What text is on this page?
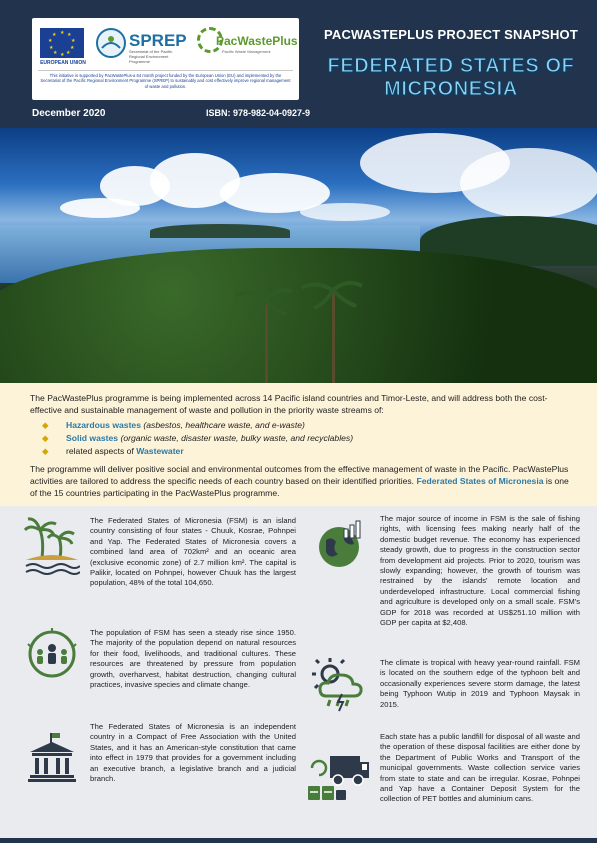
★ ★
★
★
★
★
★
★
★
★
EUROPEAN UNION
SPREP
Secretariat of the Pacific Regional Environment Programme
PacWastePlus
Pacific Waste Management
This initiative is supported by PacWastePlus-a 64 month project funded by the European Union (EU) and implemented by the Secretariat of the Pacific Regional Environment Programme (SPREP) to sustainably and cost effectively improve regional management of waste and pollution.
PACWASTEPLUS PROJECT SNAPSHOT
FEDERATED STATES OF MICRONESIA
December 2020	ISBN: 978-982-04-0927-9

The PacWastePlus programme is being implemented across 14 Pacific island countries and Timor-Leste, and will address both the cost-effective and sustainable management of waste and pollution in the priority waste streams of:

◆ Hazardous wastes (asbestos, healthcare waste, and e-waste)
◆ Solid wastes (organic waste, disaster waste, bulky waste, and recyclables)
◆ related aspects of Wastewater

The programme will deliver positive social and environmental outcomes from the effective management of waste in the Pacific. PacWastePlus activities are tailored to address the specific needs of each country based on their identified priorities. Federated States of Micronesia is one of the 15 countries participating in the PacWastePlus programme.

The Federated States of Micronesia (FSM) is an island country consisting of four states - Chuuk, Kosrae, Pohnpei and Yap. The Federated States of Micronesia covers a combined land area of 702km² and an oceanic area (exclusive economic zone) of 2.7 million km². The capital is Palikir, located on Pohnpei, however Chuuk has the largest population, 48% of the total 104,650.
The population of FSM has seen a steady rise since 1950. The majority of the population depend on natural resources for their food, livelihoods, and traditional cultures. These resources are threatened by pressure from population growth, overharvest, habitat destruction, changing cultural practices, invasive species and climate change.
The Federated States of Micronesia is an independent country in a Compact of Free Association with the United States, and it has an American-style constitution that came into effect in 1979 that provides for a government including an executive branch, a legislative branch and a judicial branch.
The major source of income in FSM is the sale of fishing rights, with licensing fees making nearly half of the domestic budget revenue. The economy has experienced steady growth, due to progress in the construction sector from development aid projects. Prior to 2020, tourism was slowly expanding; however, the growth of tourism was restrained by the islands' remote location and underdeveloped infrastructure. Local commercial fishing and agriculture is developed only on a small scale. FSM's GDP for 2018 was recorded at US$251.10 million with GDP per capita at $2,408.
The climate is tropical with heavy year-round rainfall. FSM is located on the southern edge of the typhoon belt and occasionally experiences severe storm damage, the latest being Typhoon Wutip in 2019 and Typhoon Maysak in 2015.
Each state has a public landfill for disposal of all waste and the operation of these disposal facilities are either done by the Department of Public Works and Transport of the municipal governments. Waste collection service varies from state to state and can be irregular. Kosrae, Pohnpei and Yap have a Container Deposit System for the collection of PET bottles and aluminium cans.
